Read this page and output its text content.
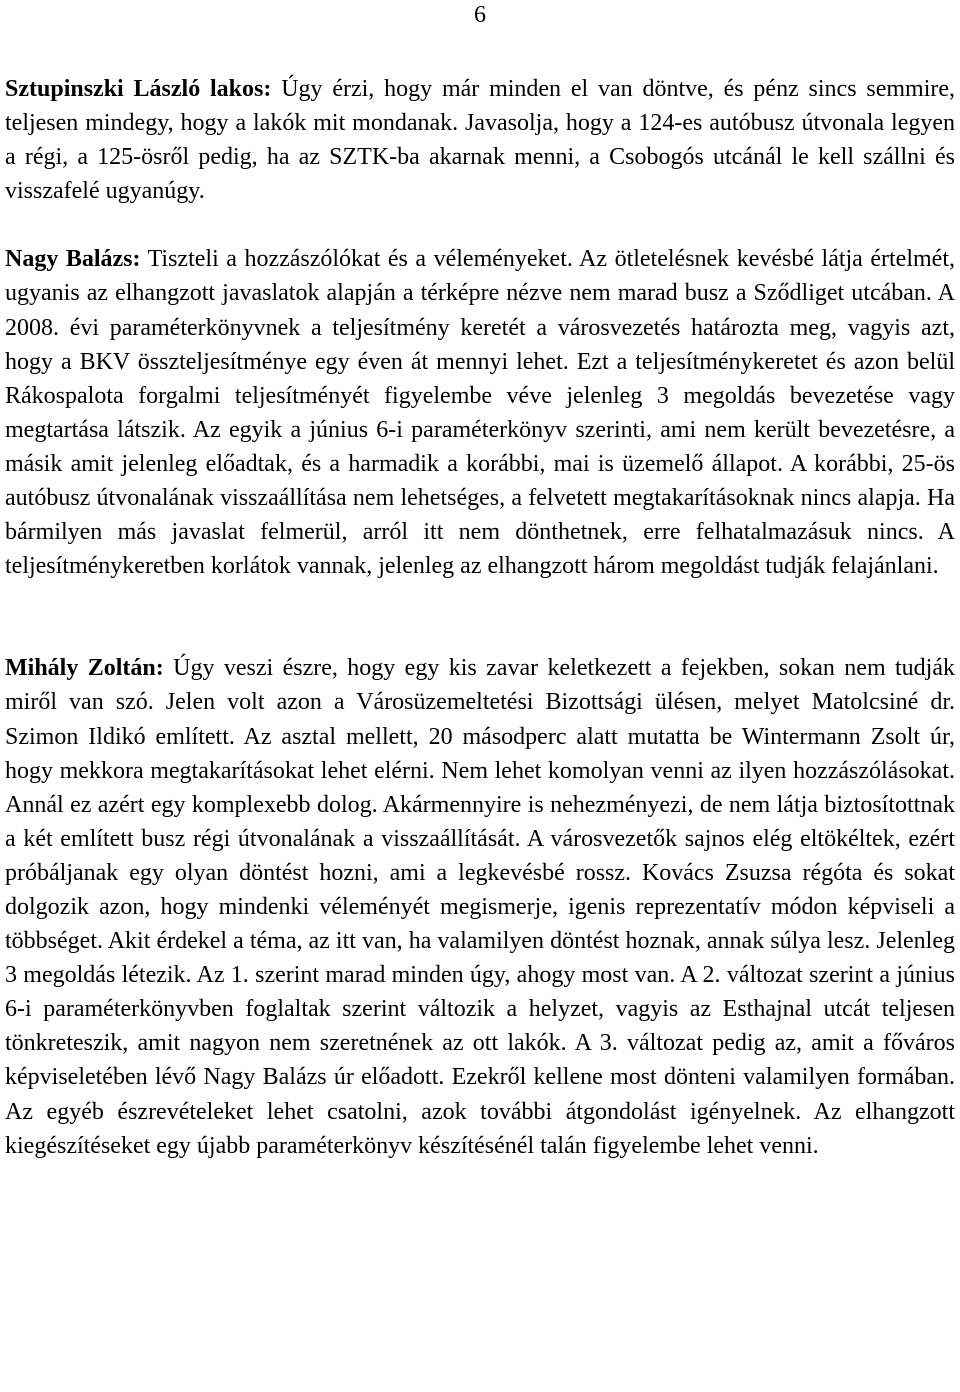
6

Sztupinszki László lakos: Úgy érzi, hogy már minden el van döntve, és pénz sincs semmire, teljesen mindegy, hogy a lakók mit mondanak. Javasolja, hogy a 124-es autóbusz útvonala legyen a régi, a 125-ösről pedig, ha az SZTK-ba akarnak menni, a Csobogós utcánál le kell szállni és visszafelé ugyanúgy.

Nagy Balázs: Tiszteli a hozzászólókat és a véleményeket. Az ötletelésnek kevésbé látja értelmét, ugyanis az elhangzott javaslatok alapján a térképre nézve nem marad busz a Sződliget utcában. A 2008. évi paraméterkönyvnek a teljesítmény keretét a városvezetés határozta meg, vagyis azt, hogy a BKV összteljesítménye egy éven át mennyi lehet. Ezt a teljesítménykeretet és azon belül Rákospalota forgalmi teljesítményét figyelembe véve jelenleg 3 megoldás bevezetése vagy megtartása látszik. Az egyik a június 6-i paraméterkönyv szerinti, ami nem került bevezetésre, a másik amit jelenleg előadtak, és a harmadik a korábbi, mai is üzemelő állapot. A korábbi, 25-ös autóbusz útvonalának visszaállítása nem lehetséges, a felvetett megtakarításoknak nincs alapja. Ha bármilyen más javaslat felmerül, arról itt nem dönthetnek, erre felhatalmazásuk nincs. A teljesítménykeretben korlátok vannak, jelenleg az elhangzott három megoldást tudják felajánlani.

Mihály Zoltán: Úgy veszi észre, hogy egy kis zavar keletkezett a fejekben, sokan nem tudják miről van szó. Jelen volt azon a Városüzemeltetési Bizottsági ülésen, melyet Matolcsiné dr. Szimon Ildikó említett. Az asztal mellett, 20 másodperc alatt mutatta be Wintermann Zsolt úr, hogy mekkora megtakarításokat lehet elérni. Nem lehet komolyan venni az ilyen hozzászólásokat. Annál ez azért egy komplexebb dolog. Akármennyire is nehezményezi, de nem látja biztosítottnak a két említett busz régi útvonalának a visszaállítását. A városvezetők sajnos elég eltökéltek, ezért próbáljanak egy olyan döntést hozni, ami a legkevésbé rossz. Kovács Zsuzsa régóta és sokat dolgozik azon, hogy mindenki véleményét megismerje, igenis reprezentatív módon képviseli a többséget. Akit érdekel a téma, az itt van, ha valamilyen döntést hoznak, annak súlya lesz. Jelenleg 3 megoldás létezik. Az 1. szerint marad minden úgy, ahogy most van. A 2. változat szerint a június 6-i paraméterkönyvben foglaltak szerint változik a helyzet, vagyis az Esthajnal utcát teljesen tönkreteszik, amit nagyon nem szeretnének az ott lakók. A 3. változat pedig az, amit a főváros képviseletében lévő Nagy Balázs úr előadott. Ezekről kellene most dönteni valamilyen formában. Az egyéb észrevételeket lehet csatolni, azok további átgondolást igényelnek. Az elhangzott kiegészítéseket egy újabb paraméterkönyv készítésénél talán figyelembe lehet venni.
